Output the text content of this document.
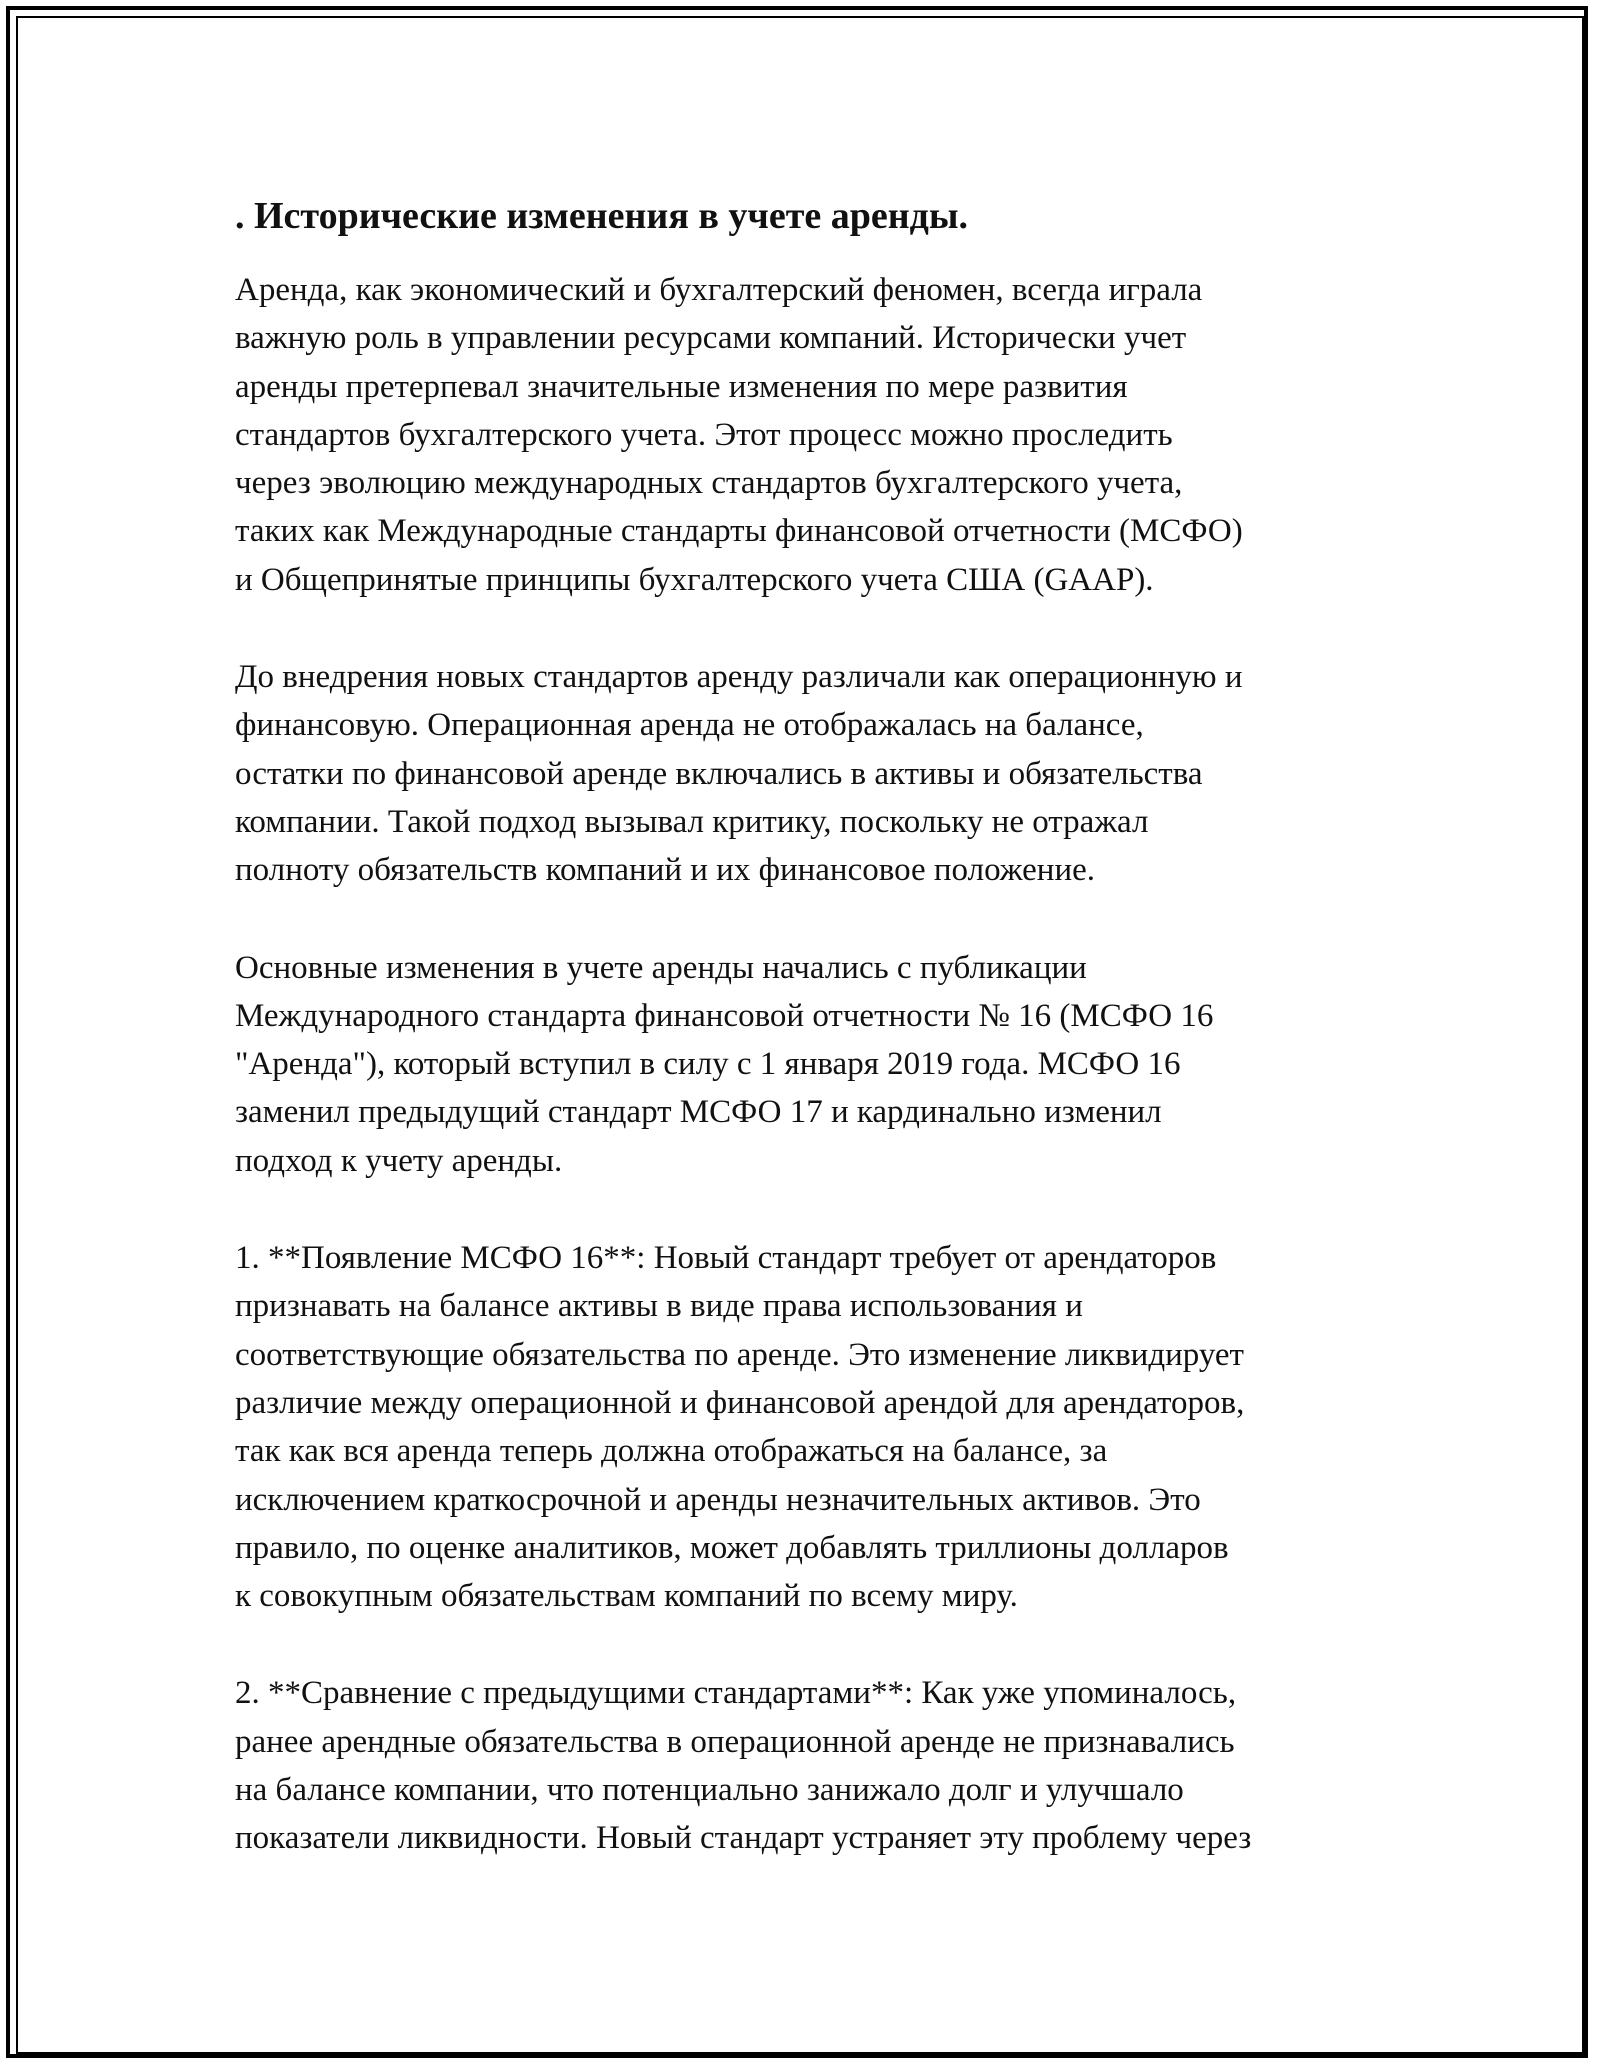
. Исторические изменения в учете аренды.

Аренда, как экономический и бухгалтерский феномен, всегда играла
важную роль в управлении ресурсами компаний. Исторически учет
аренды претерпевал значительные изменения по мере развития
стандартов бухгалтерского учета. Этот процесс можно проследить
через эволюцию международных стандартов бухгалтерского учета,
таких как Международные стандарты финансовой отчетности (МСФО)
и Общепринятые принципы бухгалтерского учета США (GAAP).

До внедрения новых стандартов аренду различали как операционную и
финансовую. Операционная аренда не отображалась на балансе,
остатки по финансовой аренде включались в активы и обязательства
компании. Такой подход вызывал критику, поскольку не отражал
полноту обязательств компаний и их финансовое положение.

Основные изменения в учете аренды начались с публикации
Международного стандарта финансовой отчетности № 16 (МСФО 16
"Аренда"), который вступил в силу с 1 января 2019 года. МСФО 16
заменил предыдущий стандарт МСФО 17 и кардинально изменил
подход к учету аренды.

1. **Появление МСФО 16**: Новый стандарт требует от арендаторов
признавать на балансе активы в виде права использования и
соответствующие обязательства по аренде. Это изменение ликвидирует
различие между операционной и финансовой арендой для арендаторов,
так как вся аренда теперь должна отображаться на балансе, за
исключением краткосрочной и аренды незначительных активов. Это
правило, по оценке аналитиков, может добавлять триллионы долларов
к совокупным обязательствам компаний по всему миру.

2. **Сравнение с предыдущими стандартами**: Как уже упоминалось,
ранее арендные обязательства в операционной аренде не признавались
на балансе компании, что потенциально занижало долг и улучшало
показатели ликвидности. Новый стандарт устраняет эту проблему через
